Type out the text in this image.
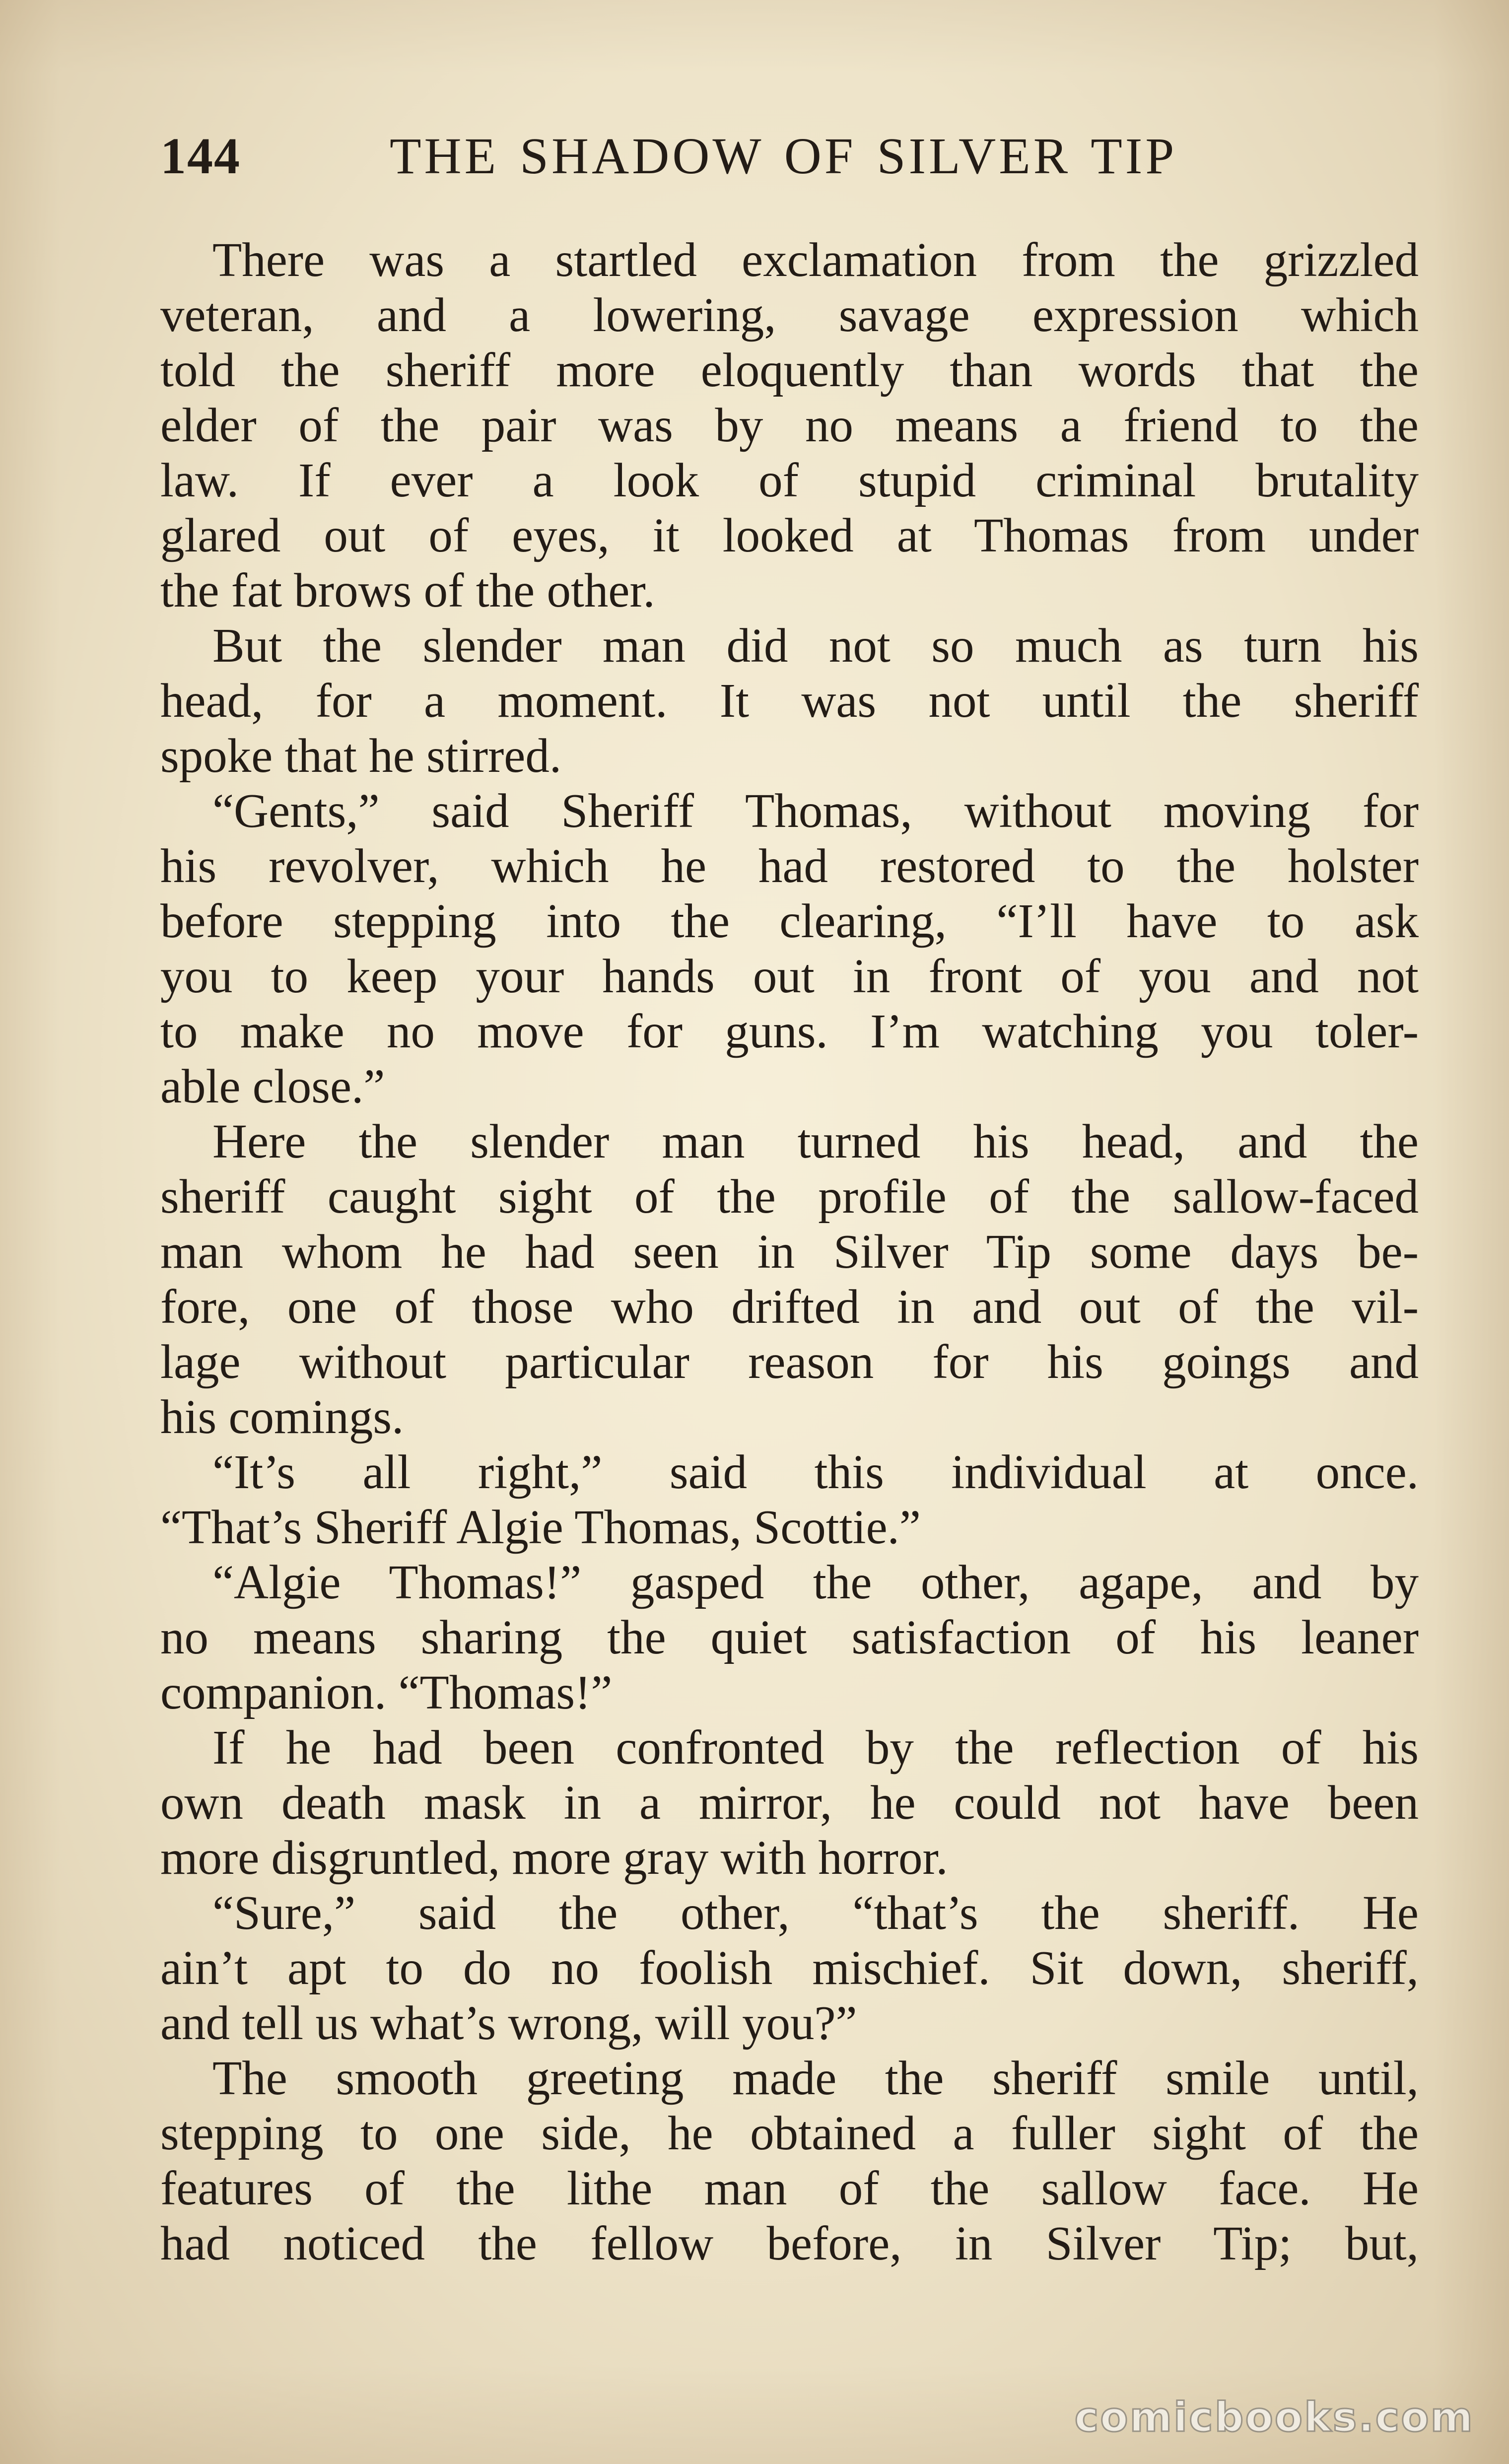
144	THE SHADOW OF SILVER TIP
There was a startled exclamation from the grizzled
veteran, and a lowering, savage expression which
told the sheriff more eloquently than words that the
elder of the pair was by no means a friend to the
law. If ever a look of stupid criminal brutality
glared out of eyes, it looked at Thomas from under
the fat brows of the other.
But the slender man did not so much as turn his
head, for a moment. It was not until the sheriff
spoke that he stirred.
“Gents,” said Sheriff Thomas, without moving for
his revolver, which he had restored to the holster
before stepping into the clearing, “I’ll have to ask
you to keep your hands out in front of you and not
to make no move for guns. I’m watching you toler-
able close.”
Here the slender man turned his head, and the
sheriff caught sight of the profile of the sallow-faced
man whom he had seen in Silver Tip some days be-
fore, one of those who drifted in and out of the vil-
lage without particular reason for his goings and
his comings.
“It’s all right,” said this individual at once.
“That’s Sheriff Algie Thomas, Scottie.”
“Algie Thomas!” gasped the other, agape, and by
no means sharing the quiet satisfaction of his leaner
companion. “Thomas!”
If he had been confronted by the reflection of his
own death mask in a mirror, he could not have been
more disgruntled, more gray with horror.
“Sure,” said the other, “that’s the sheriff. He
ain’t apt to do no foolish mischief. Sit down, sheriff,
and tell us what’s wrong, will you?”
The smooth greeting made the sheriff smile until,
stepping to one side, he obtained a fuller sight of the
features of the lithe man of the sallow face. He
had noticed the fellow before, in Silver Tip; but,
comicbooks.com
